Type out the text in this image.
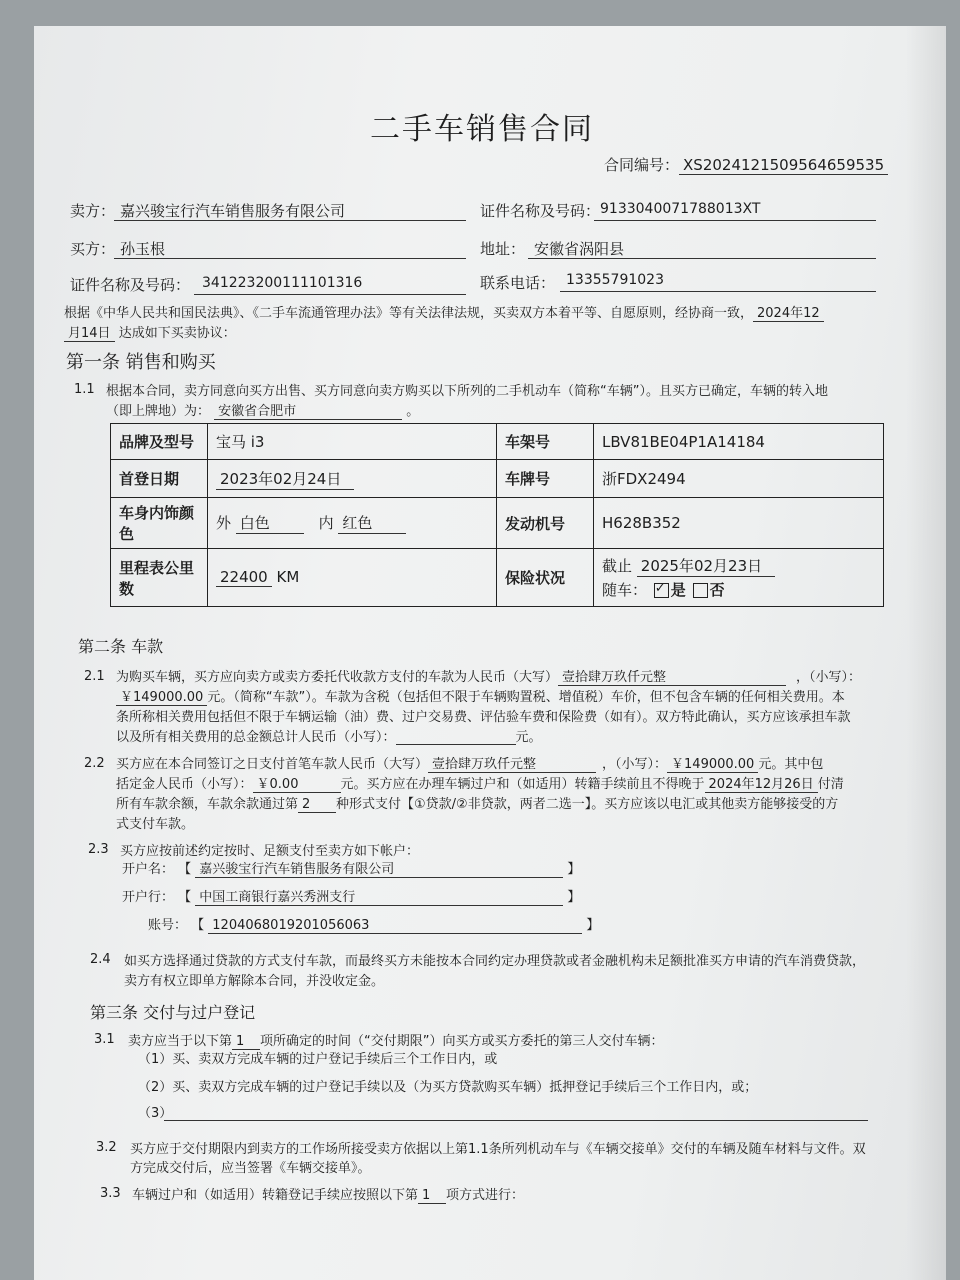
二手车销售合同
合同编号： XS2024121509564659535
卖方： 嘉兴骏宝行汽车销售服务有限公司	证件名称及号码： 9133040071788013XT
买方： 孙玉根	地址： 安徽省涡阳县
证件名称及号码： 341223200111101316	联系电话： 13355791023
根据《中华人民共和国民法典》、《二手车流通管理办法》等有关法律法规，买卖双方本着平等、自愿原则，经协商一致， 2024年12
月14日 达成如下买卖协议：
第一条 销售和购买
1.1 根据本合同，卖方同意向买方出售、买方同意向卖方购买以下所列的二手机动车（简称“车辆”）。且买方已确定，车辆的转入地
（即上牌地）为： 安徽省合肥市	。
品牌及型号	宝马 i3	车架号	LBV81BE04P1A14184
首登日期	2023年02月24日	车牌号	浙FDX2494
车身内饰颜色	外 白色 内 红色	发动机号	H628B352
里程表公里数	22400 KM	保险状况	截止 2025年02月23日
随车： ✓ 是 否
第二条 车款
2.1 为购买车辆，买方应向卖方或卖方委托代收款方支付的车款为人民币（大写） 壹拾肆万玖仟元整	，（小写）：
￥149000.00 元。（简称“车款”）。车款为含税（包括但不限于车辆购置税、增值税）车价，但不包含车辆的任何相关费用。本
条所称相关费用包括但不限于车辆运输（油）费、过户交易费、评估验车费和保险费（如有）。双方特此确认，买方应该承担车款
以及所有相关费用的总金额总计人民币（小写）：	元。
2.2 买方应在本合同签订之日支付首笔车款人民币（大写） 壹拾肆万玖仟元整	，（小写）： ￥149000.00 元。其中包
括定金人民币（小写）： ￥0.00	元。买方应在办理车辆过户和（如适用）转籍手续前且不得晚于 2024年12月26日 付清
所有车款余额，车款余款通过第 2 种形式支付【①贷款/②非贷款，两者二选一】。买方应该以电汇或其他卖方能够接受的方
式支付车款。
2.3 买方应按前述约定按时、足额支付至卖方如下帐户：
开户名： 【 嘉兴骏宝行汽车销售服务有限公司	】
开户行： 【 中国工商银行嘉兴秀洲支行	】
账号： 【 1204068019201056063	】
2.4 如买方选择通过贷款的方式支付车款，而最终买方未能按本合同约定办理贷款或者金融机构未足额批准买方申请的汽车消费贷款，
卖方有权立即单方解除本合同，并没收定金。
第三条 交付与过户登记
3.1 卖方应当于以下第 1 项所确定的时间（“交付期限”）向买方或买方委托的第三人交付车辆：
（1）买、卖双方完成车辆的过户登记手续后三个工作日内，或
（2）买、卖双方完成车辆的过户登记手续以及（为买方贷款购买车辆）抵押登记手续后三个工作日内，或；
（3）
3.2 买方应于交付期限内到卖方的工作场所接受卖方依据以上第1.1条所列机动车与《车辆交接单》交付的车辆及随车材料与文件。双
方完成交付后，应当签署《车辆交接单》。
3.3 车辆过户和（如适用）转籍登记手续应按照以下第 1 项方式进行：
